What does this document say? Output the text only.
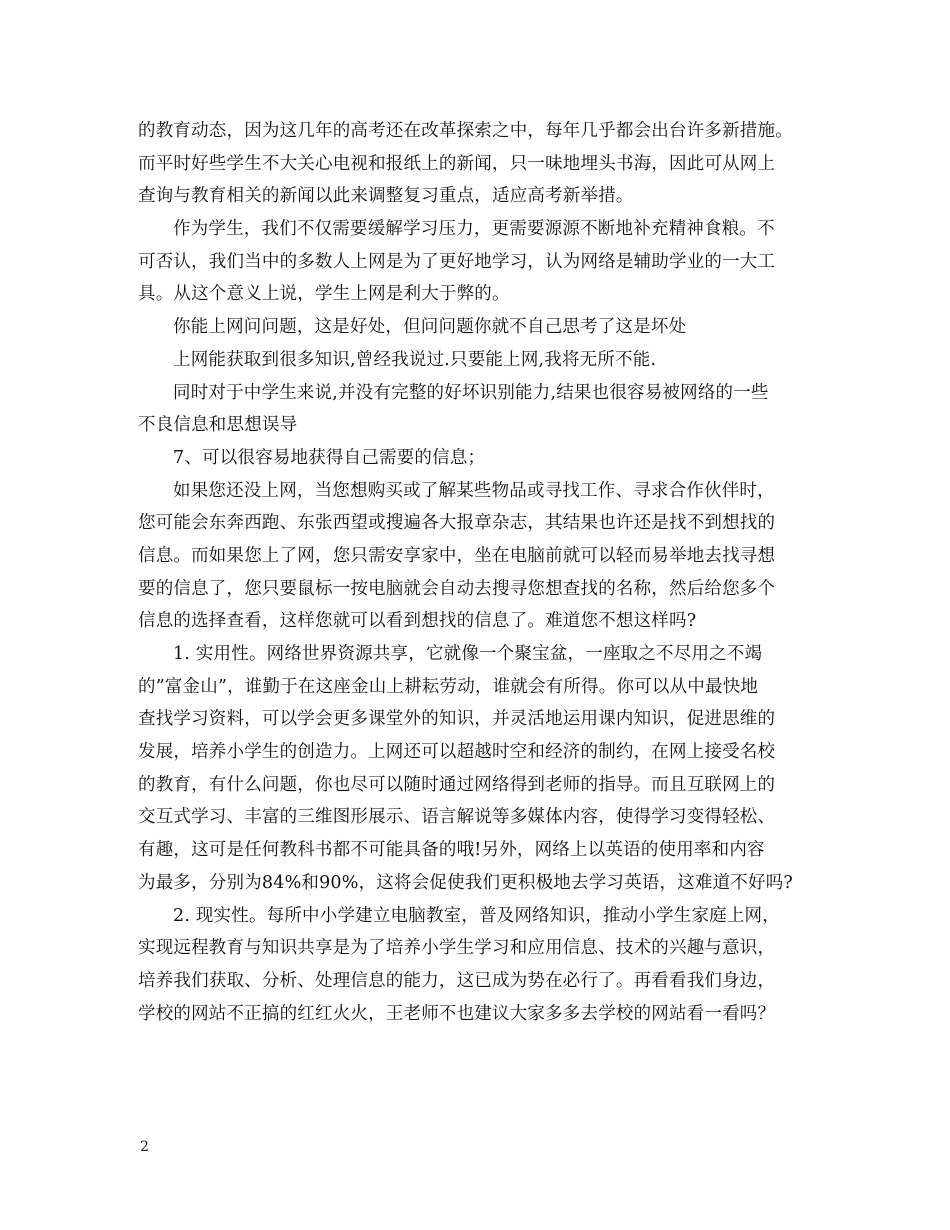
的教育动态，因为这几年的高考还在改革探索之中，每年几乎都会出台许多新措施。
而平时好些学生不大关心电视和报纸上的新闻，只一味地埋头书海，因此可从网上
查询与教育相关的新闻以此来调整复习重点，适应高考新举措。
作为学生，我们不仅需要缓解学习压力，更需要源源不断地补充精神食粮。不
可否认，我们当中的多数人上网是为了更好地学习，认为网络是辅助学业的一大工
具。从这个意义上说，学生上网是利大于弊的。
你能上网问问题，这是好处，但问问题你就不自己思考了这是坏处
上网能获取到很多知识,曾经我说过.只要能上网,我将无所不能.
同时对于中学生来说,并没有完整的好坏识别能力,结果也很容易被网络的一些
不良信息和思想误导
7、可以很容易地获得自己需要的信息；
如果您还没上网，当您想购买或了解某些物品或寻找工作、寻求合作伙伴时，
您可能会东奔西跑、东张西望或搜遍各大报章杂志，其结果也许还是找不到想找的
信息。而如果您上了网，您只需安享家中，坐在电脑前就可以轻而易举地去找寻想
要的信息了，您只要鼠标一按电脑就会自动去搜寻您想查找的名称，然后给您多个
信息的选择查看，这样您就可以看到想找的信息了。难道您不想这样吗?
1. 实用性。网络世界资源共享，它就像一个聚宝盆，一座取之不尽用之不竭
的”富金山”，谁勤于在这座金山上耕耘劳动，谁就会有所得。你可以从中最快地
查找学习资料，可以学会更多课堂外的知识，并灵活地运用课内知识，促进思维的
发展，培养小学生的创造力。上网还可以超越时空和经济的制约，在网上接受名校
的教育，有什么问题，你也尽可以随时通过网络得到老师的指导。而且互联网上的
交互式学习、丰富的三维图形展示、语言解说等多媒体内容，使得学习变得轻松、
有趣，这可是任何教科书都不可能具备的哦!另外，网络上以英语的使用率和内容
为最多，分别为84%和90%，这将会促使我们更积极地去学习英语，这难道不好吗?
2. 现实性。每所中小学建立电脑教室，普及网络知识，推动小学生家庭上网，
实现远程教育与知识共享是为了培养小学生学习和应用信息、技术的兴趣与意识，
培养我们获取、分析、处理信息的能力，这已成为势在必行了。再看看我们身边，
学校的网站不正搞的红红火火，王老师不也建议大家多多去学校的网站看一看吗？
2
